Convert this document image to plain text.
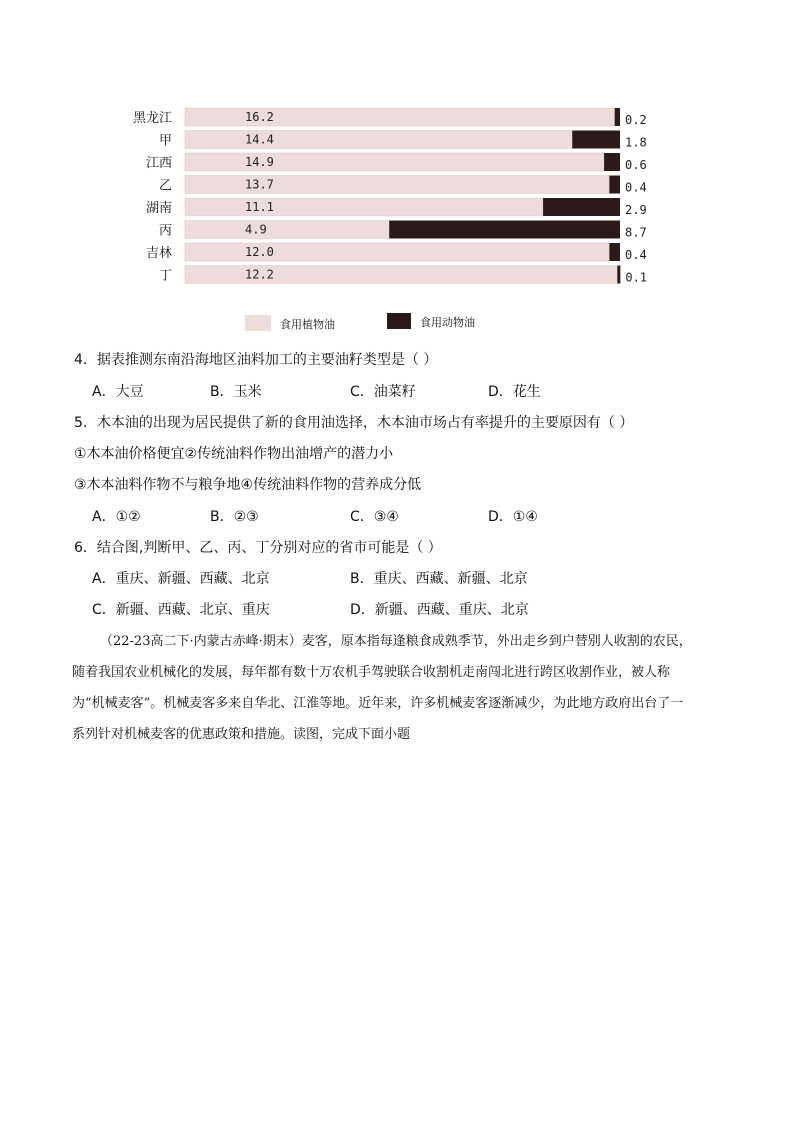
黑龙江	16.2	0.2
甲	14.4	1.8
江西	14.9	0.6
乙	13.7	0.4
湖南	11.1	2.9
丙	4.9	8.7
吉林	12.0	0.4
丁	12.2	0.1
食用植物油	食用动物油
4．据表推测东南沿海地区油料加工的主要油籽类型是（ ）
A．大豆	B．玉米	C．油菜籽	D．花生
5．木本油的出现为居民提供了新的食用油选择，木本油市场占有率提升的主要原因有（ ）
①木本油价格便宜②传统油料作物出油增产的潜力小
③木本油料作物不与粮争地④传统油料作物的营养成分低
A．①②	B．②③	C．③④	D．①④
6．结合图,判断甲、乙、丙、丁分别对应的省市可能是（ ）
A．重庆、新疆、西藏、北京	B．重庆、西藏、新疆、北京
C．新疆、西藏、北京、重庆	D．新疆、西藏、重庆、北京
（22-23高二下·内蒙古赤峰·期末）麦客，原本指每逢粮食成熟季节，外出走乡到户替别人收割的农民，
随着我国农业机械化的发展，每年都有数十万农机手驾驶联合收割机走南闯北进行跨区收割作业，被人称
为“机械麦客”。机械麦客多来自华北、江淮等地。近年来，许多机械麦客逐渐减少，为此地方政府出台了一
系列针对机械麦客的优惠政策和措施。读图，完成下面小题
